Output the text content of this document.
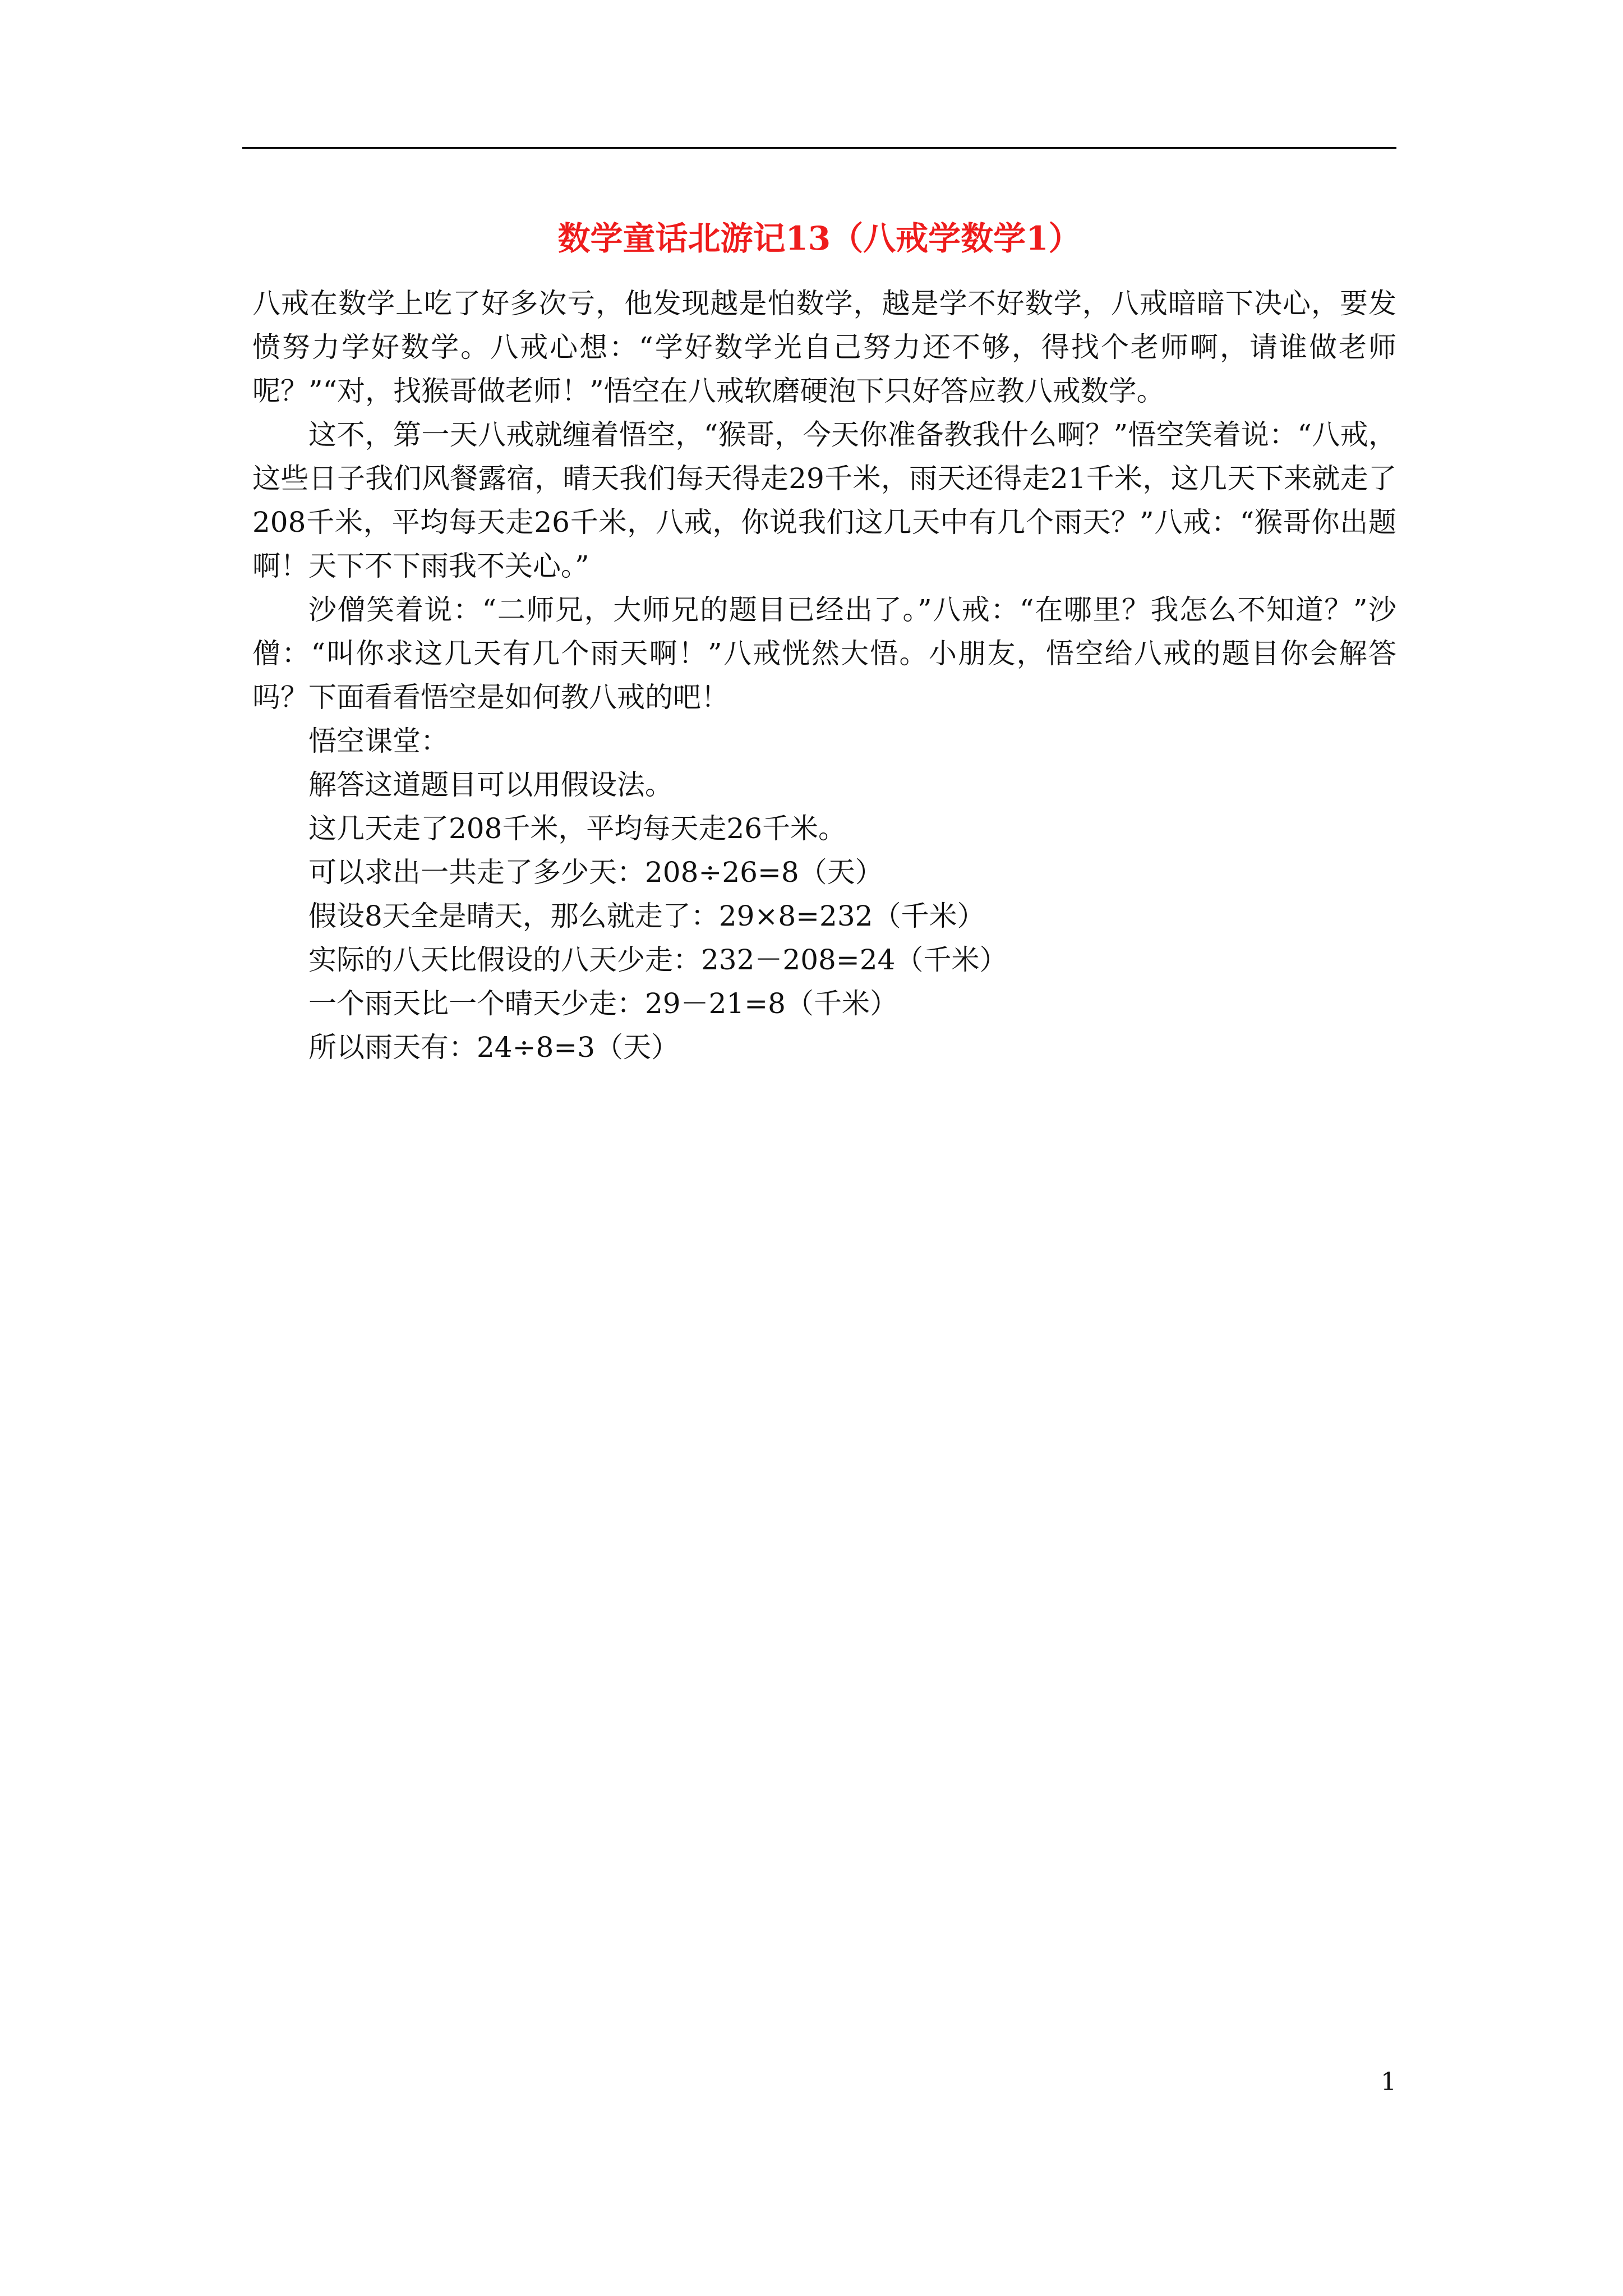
数学童话北游记13（八戒学数学1）

八戒在数学上吃了好多次亏，他发现越是怕数学，越是学不好数学，八戒暗暗下决心，要发愤努力学好数学。八戒心想：“学好数学光自己努力还不够，得找个老师啊，请谁做老师呢？”“对，找猴哥做老师！”悟空在八戒软磨硬泡下只好答应教八戒数学。

这不，第一天八戒就缠着悟空，“猴哥，今天你准备教我什么啊？”悟空笑着说：“八戒，这些日子我们风餐露宿，晴天我们每天得走29千米，雨天还得走21千米，这几天下来就走了208千米，平均每天走26千米，八戒，你说我们这几天中有几个雨天？”八戒：“猴哥你出题啊！天下不下雨我不关心。”

沙僧笑着说：“二师兄，大师兄的题目已经出了。”八戒：“在哪里？我怎么不知道？”沙僧：“叫你求这几天有几个雨天啊！”八戒恍然大悟。小朋友，悟空给八戒的题目你会解答吗？下面看看悟空是如何教八戒的吧！

悟空课堂：

解答这道题目可以用假设法。

这几天走了208千米，平均每天走26千米。

可以求出一共走了多少天：208÷26=8（天）

假设8天全是晴天，那么就走了：29×8=232（千米）

实际的八天比假设的八天少走：232－208=24（千米）

一个雨天比一个晴天少走：29－21=8（千米）

所以雨天有：24÷8=3（天）

1
